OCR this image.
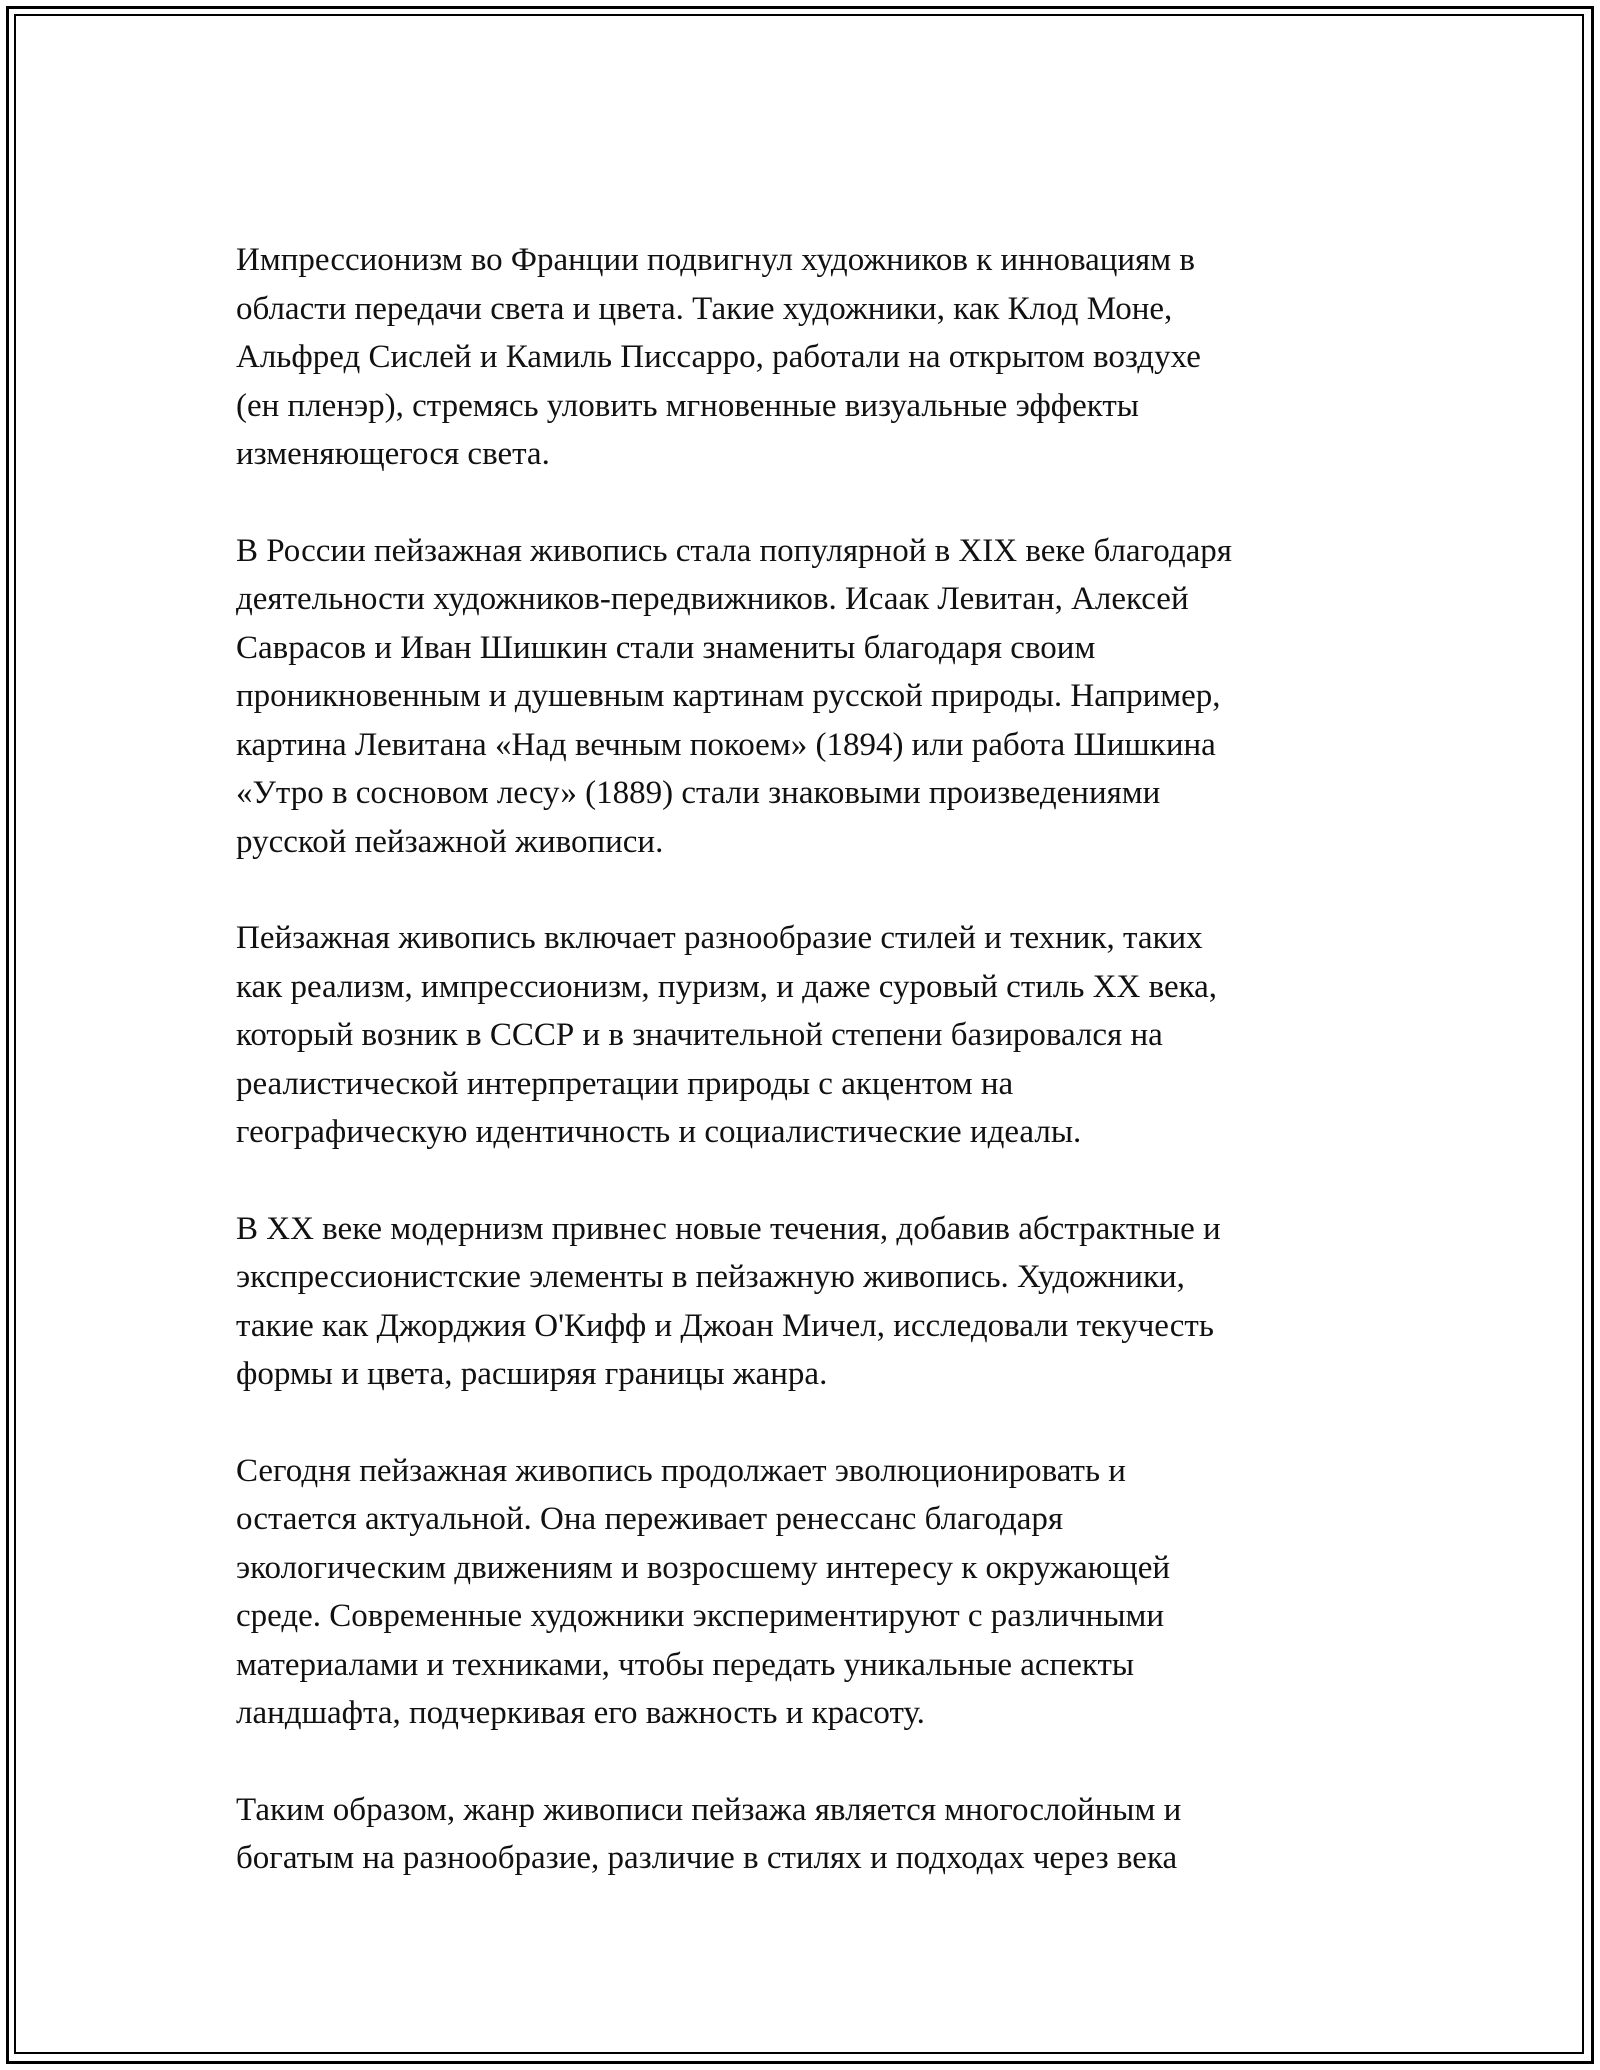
Импрессионизм во Франции подвигнул художников к инновациям в
области передачи света и цвета. Такие художники, как Клод Моне,
Альфред Сислей и Камиль Писсарро, работали на открытом воздухе
(ен пленэр), стремясь уловить мгновенные визуальные эффекты
изменяющегося света.

В России пейзажная живопись стала популярной в XIX веке благодаря
деятельности художников-передвижников. Исаак Левитан, Алексей
Саврасов и Иван Шишкин стали знамениты благодаря своим
проникновенным и душевным картинам русской природы. Например,
картина Левитана «Над вечным покоем» (1894) или работа Шишкина
«Утро в сосновом лесу» (1889) стали знаковыми произведениями
русской пейзажной живописи.

Пейзажная живопись включает разнообразие стилей и техник, таких
как реализм, импрессионизм, пуризм, и даже суровый стиль XX века,
который возник в СССР и в значительной степени базировался на
реалистической интерпретации природы с акцентом на
географическую идентичность и социалистические идеалы.

В XX веке модернизм привнес новые течения, добавив абстрактные и
экспрессионистские элементы в пейзажную живопись. Художники,
такие как Джорджия О'Кифф и Джоан Мичел, исследовали текучесть
формы и цвета, расширяя границы жанра.

Сегодня пейзажная живопись продолжает эволюционировать и
остается актуальной. Она переживает ренессанс благодаря
экологическим движениям и возросшему интересу к окружающей
среде. Современные художники экспериментируют с различными
материалами и техниками, чтобы передать уникальные аспекты
ландшафта, подчеркивая его важность и красоту.

Таким образом, жанр живописи пейзажа является многослойным и
богатым на разнообразие, различие в стилях и подходах через века
